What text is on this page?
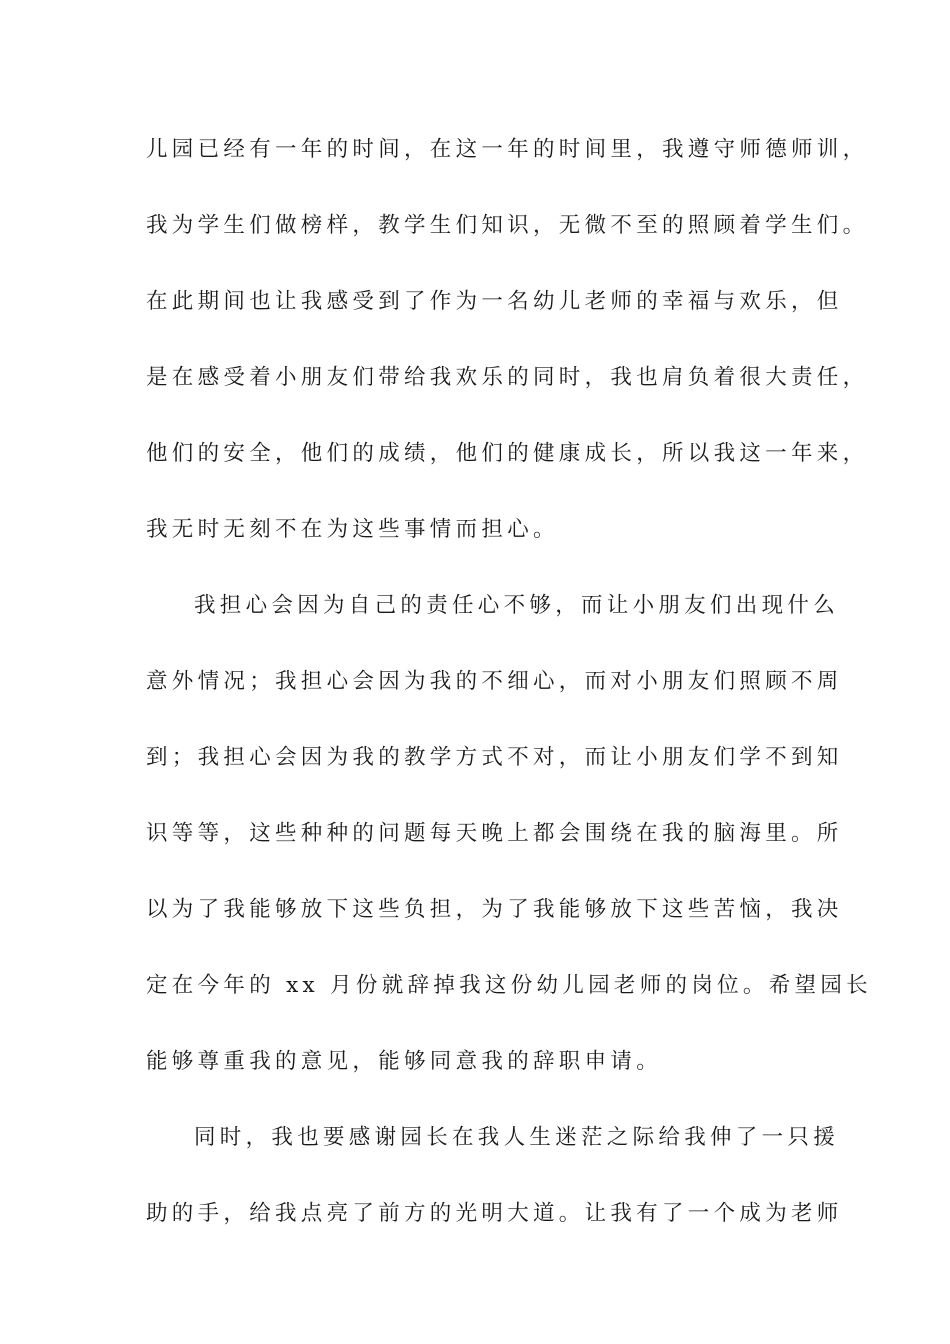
儿园已经有一年的时间，在这一年的时间里，我遵守师德师训，
我为学生们做榜样，教学生们知识，无微不至的照顾着学生们。
在此期间也让我感受到了作为一名幼儿老师的幸福与欢乐，但
是在感受着小朋友们带给我欢乐的同时，我也肩负着很大责任，
他们的安全，他们的成绩，他们的健康成长，所以我这一年来，
我无时无刻不在为这些事情而担心。
我担心会因为自己的责任心不够，而让小朋友们出现什么
意外情况；我担心会因为我的不细心，而对小朋友们照顾不周
到；我担心会因为我的教学方式不对，而让小朋友们学不到知
识等等，这些种种的问题每天晚上都会围绕在我的脑海里。所
以为了我能够放下这些负担，为了我能够放下这些苦恼，我决
定在今年的 xx 月份就辞掉我这份幼儿园老师的岗位。希望园长
能够尊重我的意见，能够同意我的辞职申请。
同时，我也要感谢园长在我人生迷茫之际给我伸了一只援
助的手，给我点亮了前方的光明大道。让我有了一个成为老师
